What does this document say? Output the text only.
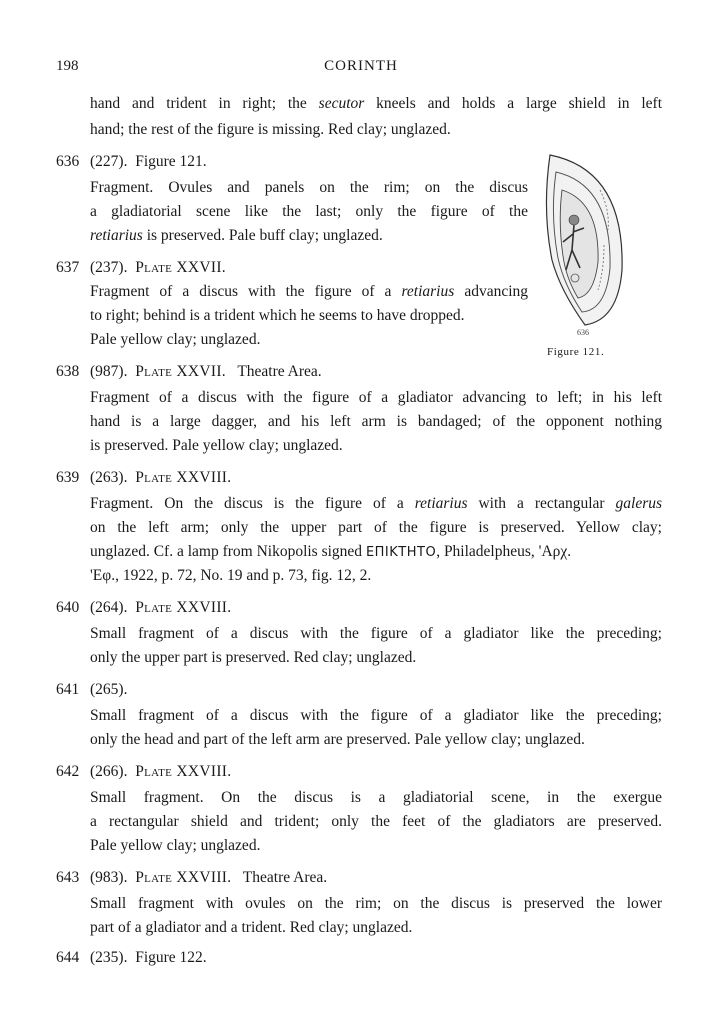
198	CORINTH
hand and trident in right; the secutor kneels and holds a large shield in left
hand; the rest of the figure is missing. Red clay; unglazed.
636 (227). Figure 121.
Fragment. Ovules and panels on the rim; on the discus
a gladiatorial scene like the last; only the figure of the
retiarius is preserved. Pale buff clay; unglazed.
637 (237). Plate XXVII.
Fragment of a discus with the figure of a retiarius advancing
to right; behind is a trident which he seems to have dropped.
Pale yellow clay; unglazed.
638 (987). Plate XXVII. Theatre Area.
Fragment of a discus with the figure of a gladiator advancing to left; in his left
hand is a large dagger, and his left arm is bandaged; of the opponent nothing
is preserved. Pale yellow clay; unglazed.
639 (263). Plate XXVIII.
Fragment. On the discus is the figure of a retiarius with a rectangular galerus
on the left arm; only the upper part of the figure is preserved. Yellow clay;
unglazed. Cf. a lamp from Nikopolis signed ΕΠΙΚΤΗΤΟ, Philadelpheus, 'Αρχ.
'Εφ., 1922, p. 72, No. 19 and p. 73, fig. 12, 2.
640 (264). Plate XXVIII.
Small fragment of a discus with the figure of a gladiator like the preceding;
only the upper part is preserved. Red clay; unglazed.
641 (265).
Small fragment of a discus with the figure of a gladiator like the preceding;
only the head and part of the left arm are preserved. Pale yellow clay; unglazed.
642 (266). Plate XXVIII.
Small fragment. On the discus is a gladiatorial scene, in the exergue
a rectangular shield and trident; only the feet of the gladiators are preserved.
Pale yellow clay; unglazed.
643 (983). Plate XXVIII. Theatre Area.
Small fragment with ovules on the rim; on the discus is preserved the lower
part of a gladiator and a trident. Red clay; unglazed.
644 (235). Figure 122.
636
Figure 121.
